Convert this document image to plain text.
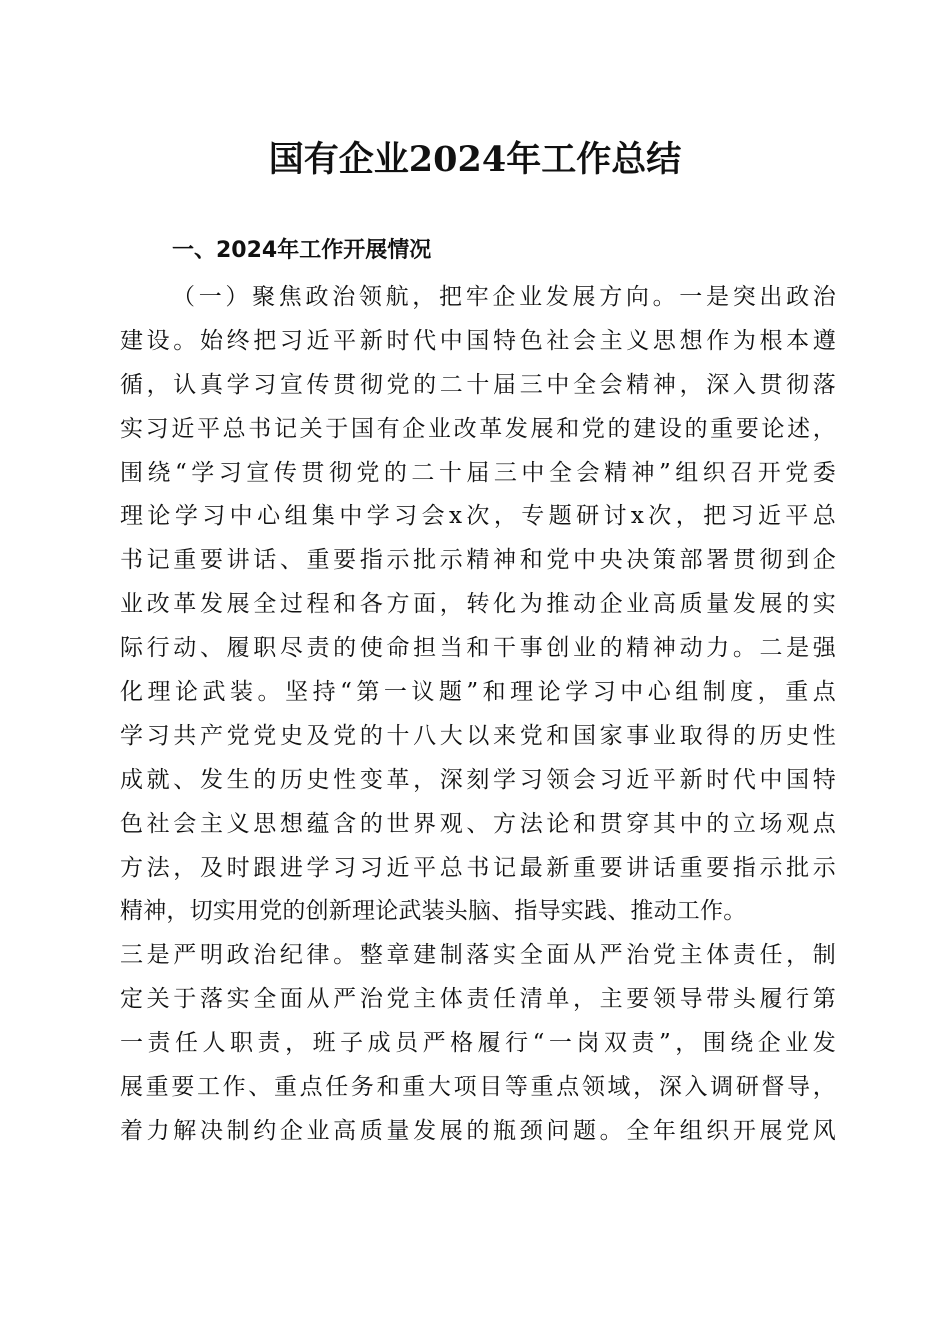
国有企业2024年工作总结
一、2024年工作开展情况
（一）聚焦政治领航，把牢企业发展方向。一是突出政治
建设。始终把习近平新时代中国特色社会主义思想作为根本遵
循，认真学习宣传贯彻党的二十届三中全会精神，深入贯彻落
实习近平总书记关于国有企业改革发展和党的建设的重要论述，
围绕“学习宣传贯彻党的二十届三中全会精神”组织召开党委
理论学习中心组集中学习会x次，专题研讨x次，把习近平总
书记重要讲话、重要指示批示精神和党中央决策部署贯彻到企
业改革发展全过程和各方面，转化为推动企业高质量发展的实
际行动、履职尽责的使命担当和干事创业的精神动力。二是强
化理论武装。坚持“第一议题”和理论学习中心组制度，重点
学习共产党党史及党的十八大以来党和国家事业取得的历史性
成就、发生的历史性变革，深刻学习领会习近平新时代中国特
色社会主义思想蕴含的世界观、方法论和贯穿其中的立场观点
方法，及时跟进学习习近平总书记最新重要讲话重要指示批示
精神，切实用党的创新理论武装头脑、指导实践、推动工作。
三是严明政治纪律。整章建制落实全面从严治党主体责任，制
定关于落实全面从严治党主体责任清单，主要领导带头履行第
一责任人职责，班子成员严格履行“一岗双责”，围绕企业发
展重要工作、重点任务和重大项目等重点领域，深入调研督导，
着力解决制约企业高质量发展的瓶颈问题。全年组织开展党风
